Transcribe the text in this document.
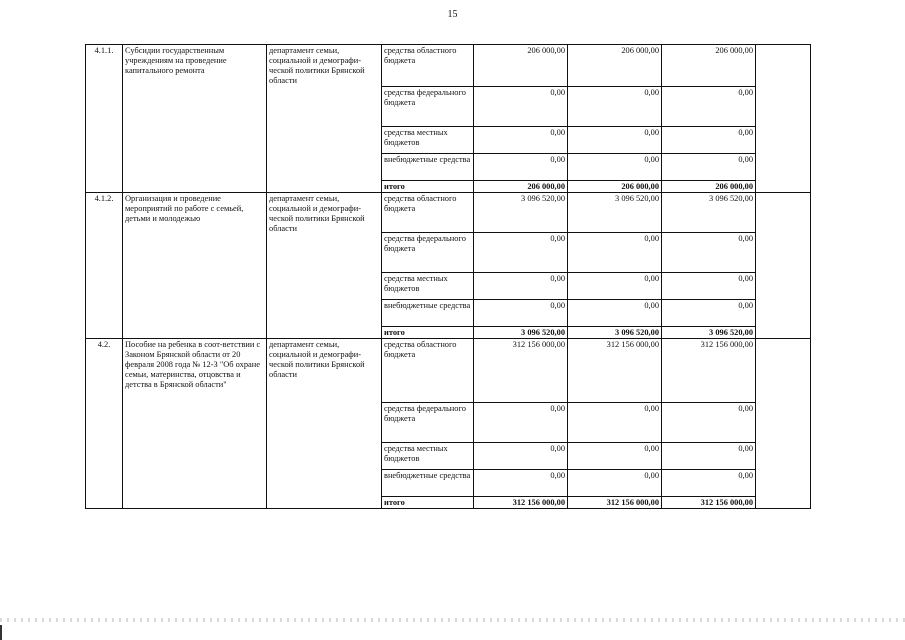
15
4.1.1.	Субсидии государственным учреждениям на проведение капитального ремонта	департамент семьи, социальной и демографи-ческой политики Брянской области	средства областного бюджета	206 000,00	206 000,00	206 000,00	
			средства федерального бюджета	0,00	0,00	0,00	
			средства местных бюджетов	0,00	0,00	0,00	
			внебюджетные средства	0,00	0,00	0,00	
			итого	206 000,00	206 000,00	206 000,00	
4.1.2.	Организация и проведение мероприятий по работе с семьей, детьми и молодежью	департамент семьи, социальной и демографи-ческой политики Брянской области	средства областного бюджета	3 096 520,00	3 096 520,00	3 096 520,00	
			средства федерального бюджета	0,00	0,00	0,00	
			средства местных бюджетов	0,00	0,00	0,00	
			внебюджетные средства	0,00	0,00	0,00	
			итого	3 096 520,00	3 096 520,00	3 096 520,00	
4.2.	Пособие на ребенка в соот-ветствии с Законом Брянской области от 20 февраля 2008 года № 12-З "Об охране семьи, материнства, отцовства и детства в Брянской области"	департамент семьи, социальной и демографи-ческой политики Брянской области	средства областного бюджета	312 156 000,00	312 156 000,00	312 156 000,00	
			средства федерального бюджета	0,00	0,00	0,00	
			средства местных бюджетов	0,00	0,00	0,00	
			внебюджетные средства	0,00	0,00	0,00	
			итого	312 156 000,00	312 156 000,00	312 156 000,00	
